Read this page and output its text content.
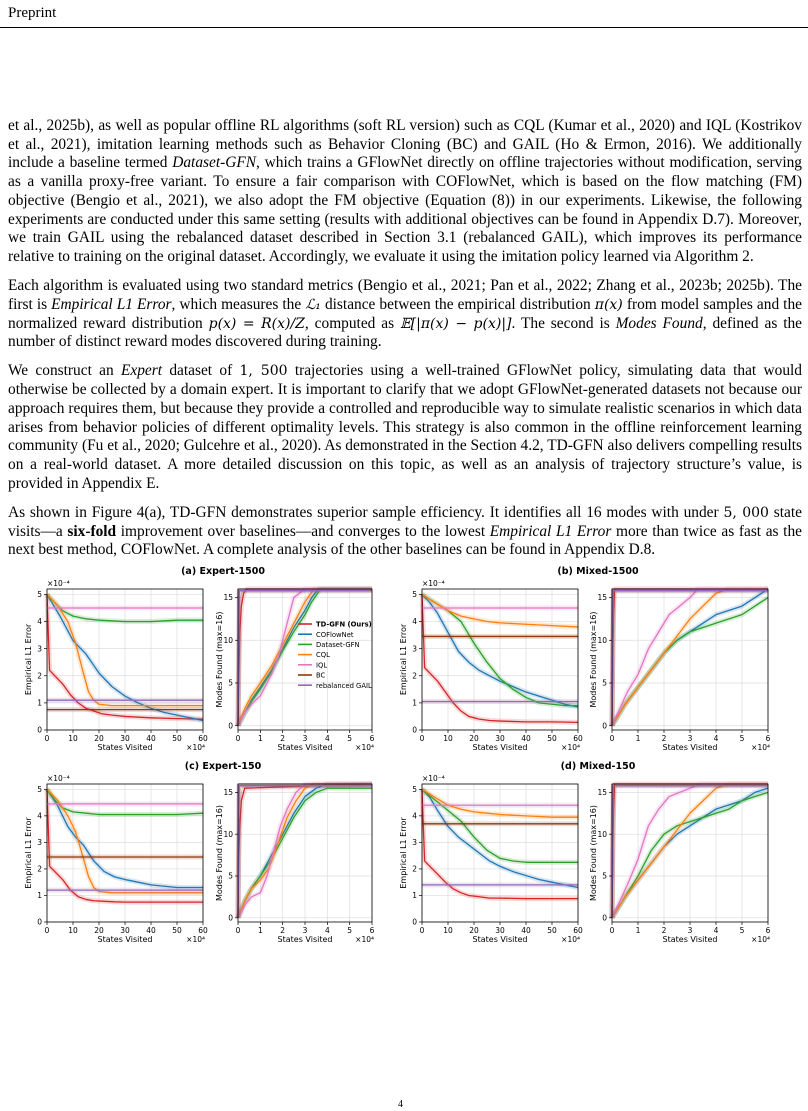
Preprint

et al., 2025b), as well as popular offline RL algorithms (soft RL version) such as CQL (Kumar et al., 2020) and IQL (Kostrikov et al., 2021), imitation learning methods such as Behavior Cloning (BC) and GAIL (Ho & Ermon, 2016). We additionally include a baseline termed Dataset-GFN, which trains a GFlowNet directly on offline trajectories without modification, serving as a vanilla proxy-free variant. To ensure a fair comparison with COFlowNet, which is based on the flow matching (FM) objective (Bengio et al., 2021), we also adopt the FM objective (Equation (8)) in our experiments. Likewise, the following experiments are conducted under this same setting (results with additional objectives can be found in Appendix D.7). Moreover, we train GAIL using the rebalanced dataset described in Section 3.1 (rebalanced GAIL), which improves its performance relative to training on the original dataset. Accordingly, we evaluate it using the imitation policy learned via Algorithm 2.

Each algorithm is evaluated using two standard metrics (Bengio et al., 2021; Pan et al., 2022; Zhang et al., 2023b; 2025b). The first is Empirical L1 Error, which measures the ℒ₁ distance between the empirical distribution π(x) from model samples and the normalized reward distribution p(x) = R(x)/Z, computed as 𝔼[|π(x) − p(x)|]. The second is Modes Found, defined as the number of distinct reward modes discovered during training.

We construct an Expert dataset of 1, 500 trajectories using a well-trained GFlowNet policy, simulating data that would otherwise be collected by a domain expert. It is important to clarify that we adopt GFlowNet-generated datasets not because our approach requires them, but because they provide a controlled and reproducible way to simulate realistic scenarios in which data arises from behavior policies of different optimality levels. This strategy is also common in the offline reinforcement learning community (Fu et al., 2020; Gulcehre et al., 2020). As demonstrated in the Section 4.2, TD-GFN also delivers compelling results on a real-world dataset. A more detailed discussion on this topic, as well as an analysis of trajectory structure’s value, is provided in Appendix E.

As shown in Figure 4(a), TD-GFN demonstrates superior sample efficiency. It identifies all 16 modes with under 5, 000 state visits—a six-fold improvement over baselines—and converges to the lowest Empirical L1 Error more than twice as fast as the next best method, COFlowNet. A complete analysis of the other baselines can be found in Appendix D.8.

0	10 20 30 40 50 60
0
1
2
3
4
5
States Visited
Empirical L1 Error
×10⁴
×10⁻⁴
(a) Expert-1500
0 1 2 3 4 5 6
0
5
10
15
States Visited
Modes Found (max=16)
×10⁴
0	10 20 30 40 50 60
0
1
2
3
4
5
States Visited
Empirical L1 Error
×10⁴
×10⁻⁴
(b) Mixed-1500
0	1	2	3	4	5	6
0
5
10
15
States Visited
Modes Found (max=16)
×10⁴
0	10 20 30 40 50 60
0
1
2
3
4
5
States Visited
Empirical L1 Error
×10⁴
×10⁻⁴
(c) Expert-150
0 1 2 3 4 5 6
0
5
10
15
States Visited
Modes Found (max=16)
×10⁴
0	10 20 30 40 50 60
0
1
2
3
4
5
States Visited
Empirical L1 Error
×10⁴
×10⁻⁴
(d) Mixed-150
0	1	2	3	4	5	6
0
5
10
15
States Visited
Modes Found (max=16)
×10⁴
TD-GFN (Ours)
COFlowNet
Dataset-GFN
CQL
IQL
BC
rebalanced GAIL
4
